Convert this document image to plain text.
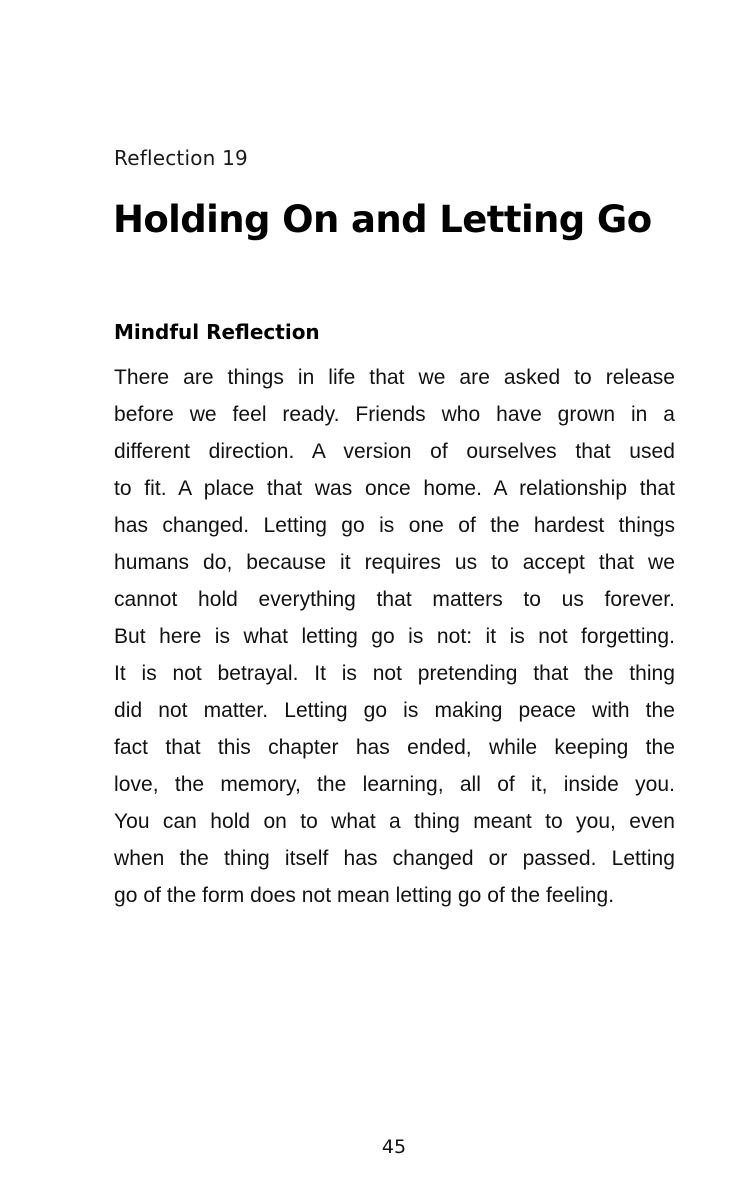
Reflection 19
Holding On and Letting Go
Mindful Reflection
There are things in life that we are asked to release
before we feel ready. Friends who have grown in a
different direction. A version of ourselves that used
to fit. A place that was once home. A relationship that
has changed. Letting go is one of the hardest things
humans do, because it requires us to accept that we
cannot hold everything that matters to us forever.
But here is what letting go is not: it is not forgetting.
It is not betrayal. It is not pretending that the thing
did not matter. Letting go is making peace with the
fact that this chapter has ended, while keeping the
love, the memory, the learning, all of it, inside you.
You can hold on to what a thing meant to you, even
when the thing itself has changed or passed. Letting
go of the form does not mean letting go of the feeling.
45
